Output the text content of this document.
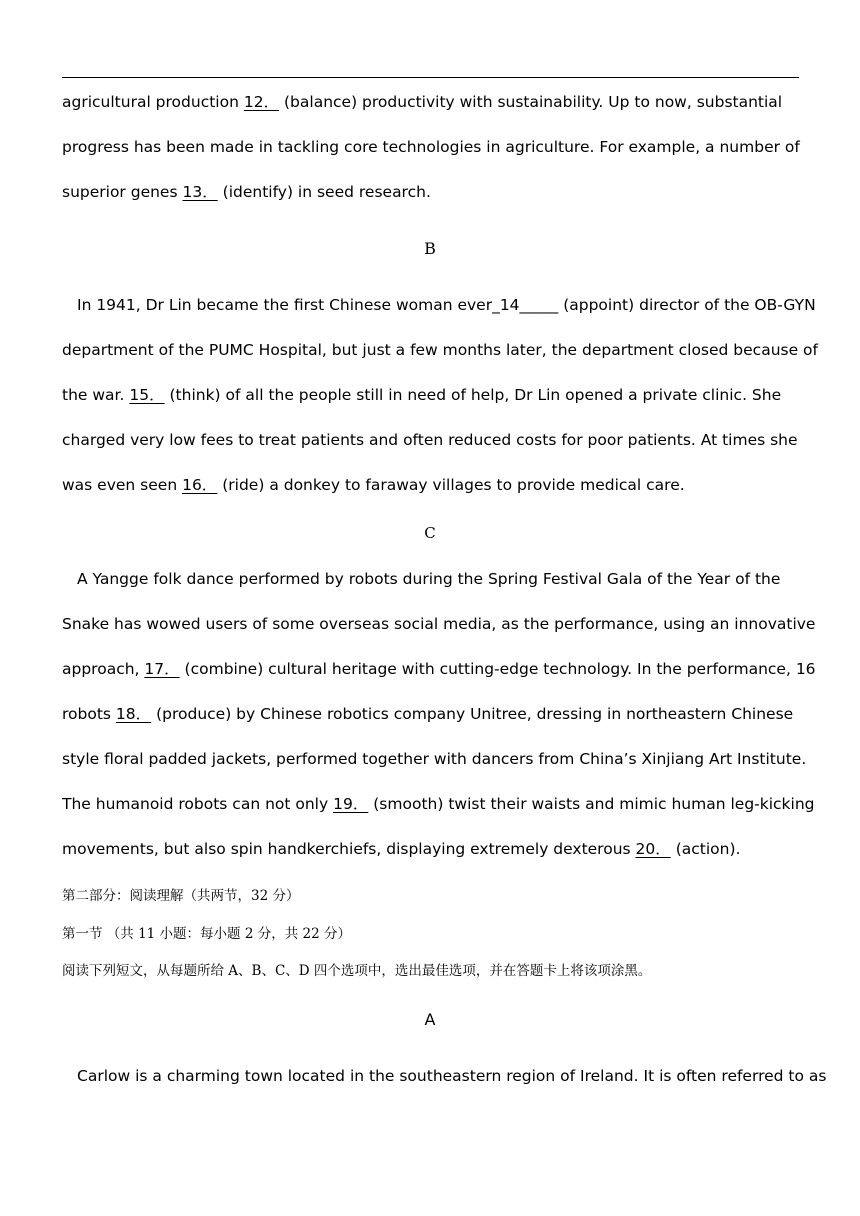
agricultural production 12． (balance) productivity with sustainability. Up to now, substantial
progress has been made in tackling core technologies in agriculture. For example, a number of
superior genes 13． (identify) in seed research.
B
In 1941, Dr Lin became the first Chinese woman ever_14_____ (appoint) director of the OB-GYN
department of the PUMC Hospital, but just a few months later, the department closed because of
the war. 15． (think) of all the people still in need of help, Dr Lin opened a private clinic. She
charged very low fees to treat patients and often reduced costs for poor patients. At times she
was even seen 16． (ride) a donkey to faraway villages to provide medical care.
C
A Yangge folk dance performed by robots during the Spring Festival Gala of the Year of the
Snake has wowed users of some overseas social media, as the performance, using an innovative
approach, 17． (combine) cultural heritage with cutting-edge technology. In the performance, 16
robots 18． (produce) by Chinese robotics company Unitree, dressing in northeastern Chinese
style floral padded jackets, performed together with dancers from China’s Xinjiang Art Institute.
The humanoid robots can not only 19． (smooth) twist their waists and mimic human leg-kicking
movements, but also spin handkerchiefs, displaying extremely dexterous 20． (action).
第二部分：阅读理解（共两节，32 分）
第一节 （共 11 小题：每小题 2 分，共 22 分）
阅读下列短文，从每题所给 A、B、C、D 四个选项中，选出最佳选项，并在答题卡上将该项涂黑。
A
Carlow is a charming town located in the southeastern region of Ireland. It is often referred to as
